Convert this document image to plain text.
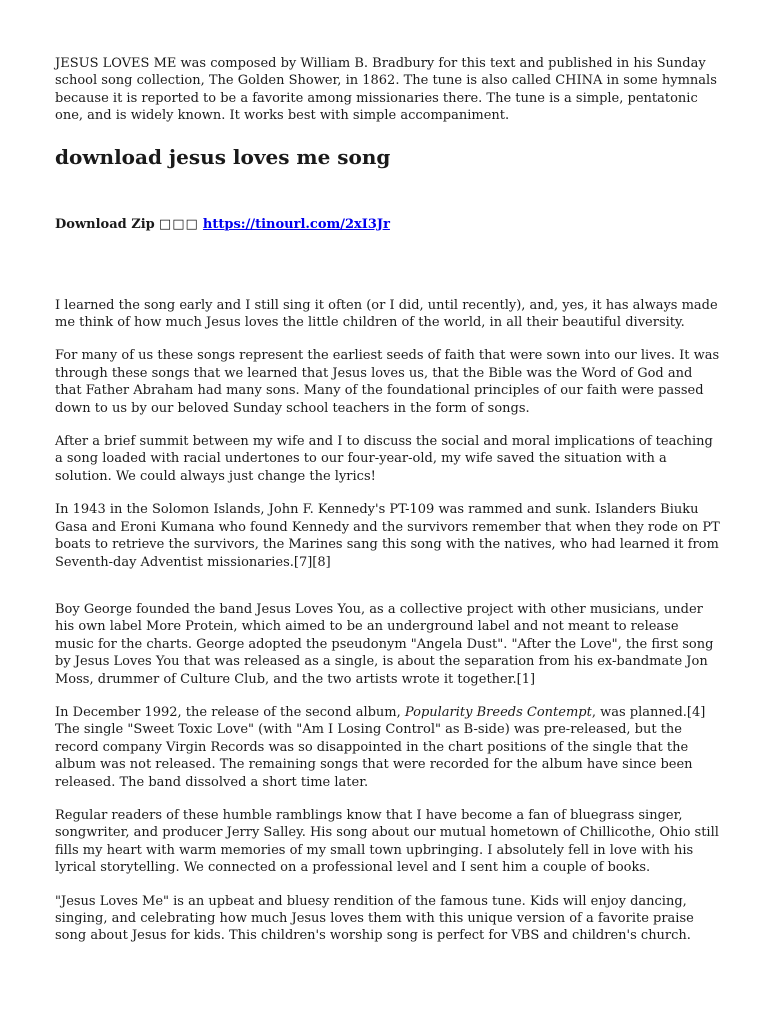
JESUS LOVES ME was composed by William B. Bradbury for this text and published in his Sunday school song collection, The Golden Shower, in 1862. The tune is also called CHINA in some hymnals because it is reported to be a favorite among missionaries there. The tune is a simple, pentatonic one, and is widely known. It works best with simple accompaniment.

download jesus loves me song
Download Zip □□□ https://tinourl.com/2xI3Jr

I learned the song early and I still sing it often (or I did, until recently), and, yes, it has always made me think of how much Jesus loves the little children of the world, in all their beautiful diversity.

For many of us these songs represent the earliest seeds of faith that were sown into our lives. It was through these songs that we learned that Jesus loves us, that the Bible was the Word of God and that Father Abraham had many sons. Many of the foundational principles of our faith were passed down to us by our beloved Sunday school teachers in the form of songs.

After a brief summit between my wife and I to discuss the social and moral implications of teaching a song loaded with racial undertones to our four-year-old, my wife saved the situation with a solution. We could always just change the lyrics!

In 1943 in the Solomon Islands, John F. Kennedy's PT-109 was rammed and sunk. Islanders Biuku Gasa and Eroni Kumana who found Kennedy and the survivors remember that when they rode on PT boats to retrieve the survivors, the Marines sang this song with the natives, who had learned it from Seventh-day Adventist missionaries.[7][8]

Boy George founded the band Jesus Loves You, as a collective project with other musicians, under his own label More Protein, which aimed to be an underground label and not meant to release music for the charts. George adopted the pseudonym "Angela Dust". "After the Love", the first song by Jesus Loves You that was released as a single, is about the separation from his ex-bandmate Jon Moss, drummer of Culture Club, and the two artists wrote it together.[1]

In December 1992, the release of the second album, Popularity Breeds Contempt, was planned.[4] The single "Sweet Toxic Love" (with "Am I Losing Control" as B-side) was pre-released, but the record company Virgin Records was so disappointed in the chart positions of the single that the album was not released. The remaining songs that were recorded for the album have since been released. The band dissolved a short time later.

Regular readers of these humble ramblings know that I have become a fan of bluegrass singer, songwriter, and producer Jerry Salley. His song about our mutual hometown of Chillicothe, Ohio still fills my heart with warm memories of my small town upbringing. I absolutely fell in love with his lyrical storytelling. We connected on a professional level and I sent him a couple of books.

"Jesus Loves Me" is an upbeat and bluesy rendition of the famous tune. Kids will enjoy dancing, singing, and celebrating how much Jesus loves them with this unique version of a favorite praise song about Jesus for kids. This children's worship song is perfect for VBS and children's church.
